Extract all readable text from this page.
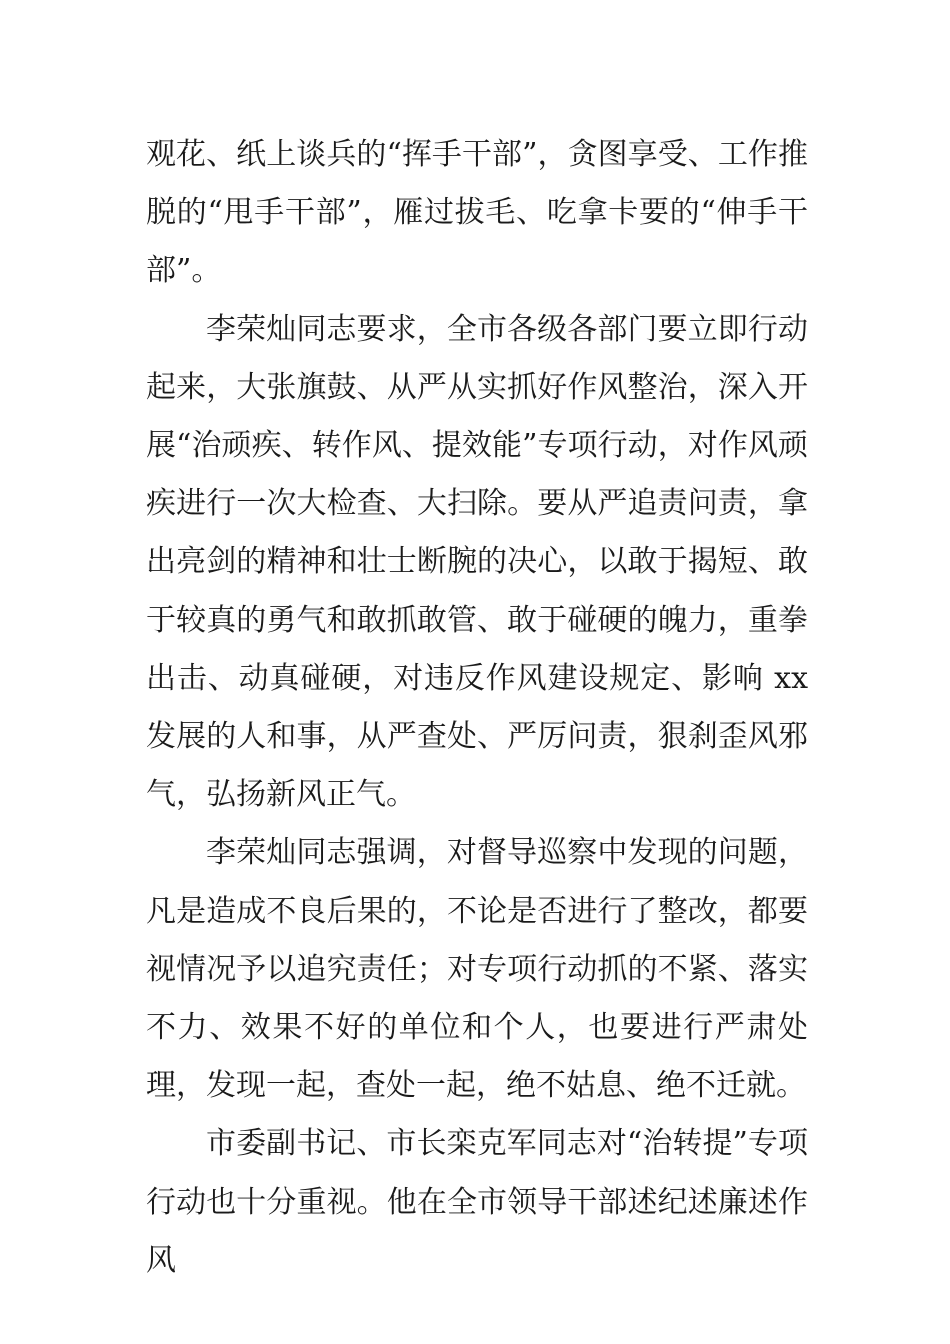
观花、纸上谈兵的“挥手干部”，贪图享受、工作推脱的“甩手干部”，雁过拔毛、吃拿卡要的“伸手干部”。

李荣灿同志要求，全市各级各部门要立即行动起来，大张旗鼓、从严从实抓好作风整治，深入开展“治顽疾、转作风、提效能”专项行动，对作风顽疾进行一次大检查、大扫除。要从严追责问责，拿出亮剑的精神和壮士断腕的决心，以敢于揭短、敢于较真的勇气和敢抓敢管、敢于碰硬的魄力，重拳出击、动真碰硬，对违反作风建设规定、影响 xx 发展的人和事，从严查处、严厉问责，狠刹歪风邪气，弘扬新风正气。

李荣灿同志强调，对督导巡察中发现的问题，凡是造成不良后果的，不论是否进行了整改，都要视情况予以追究责任；对专项行动抓的不紧、落实不力、效果不好的单位和个人，也要进行严肃处理，发现一起，查处一起，绝不姑息、绝不迁就。

市委副书记、市长栾克军同志对“治转提”专项行动也十分重视。他在全市领导干部述纪述廉述作风
